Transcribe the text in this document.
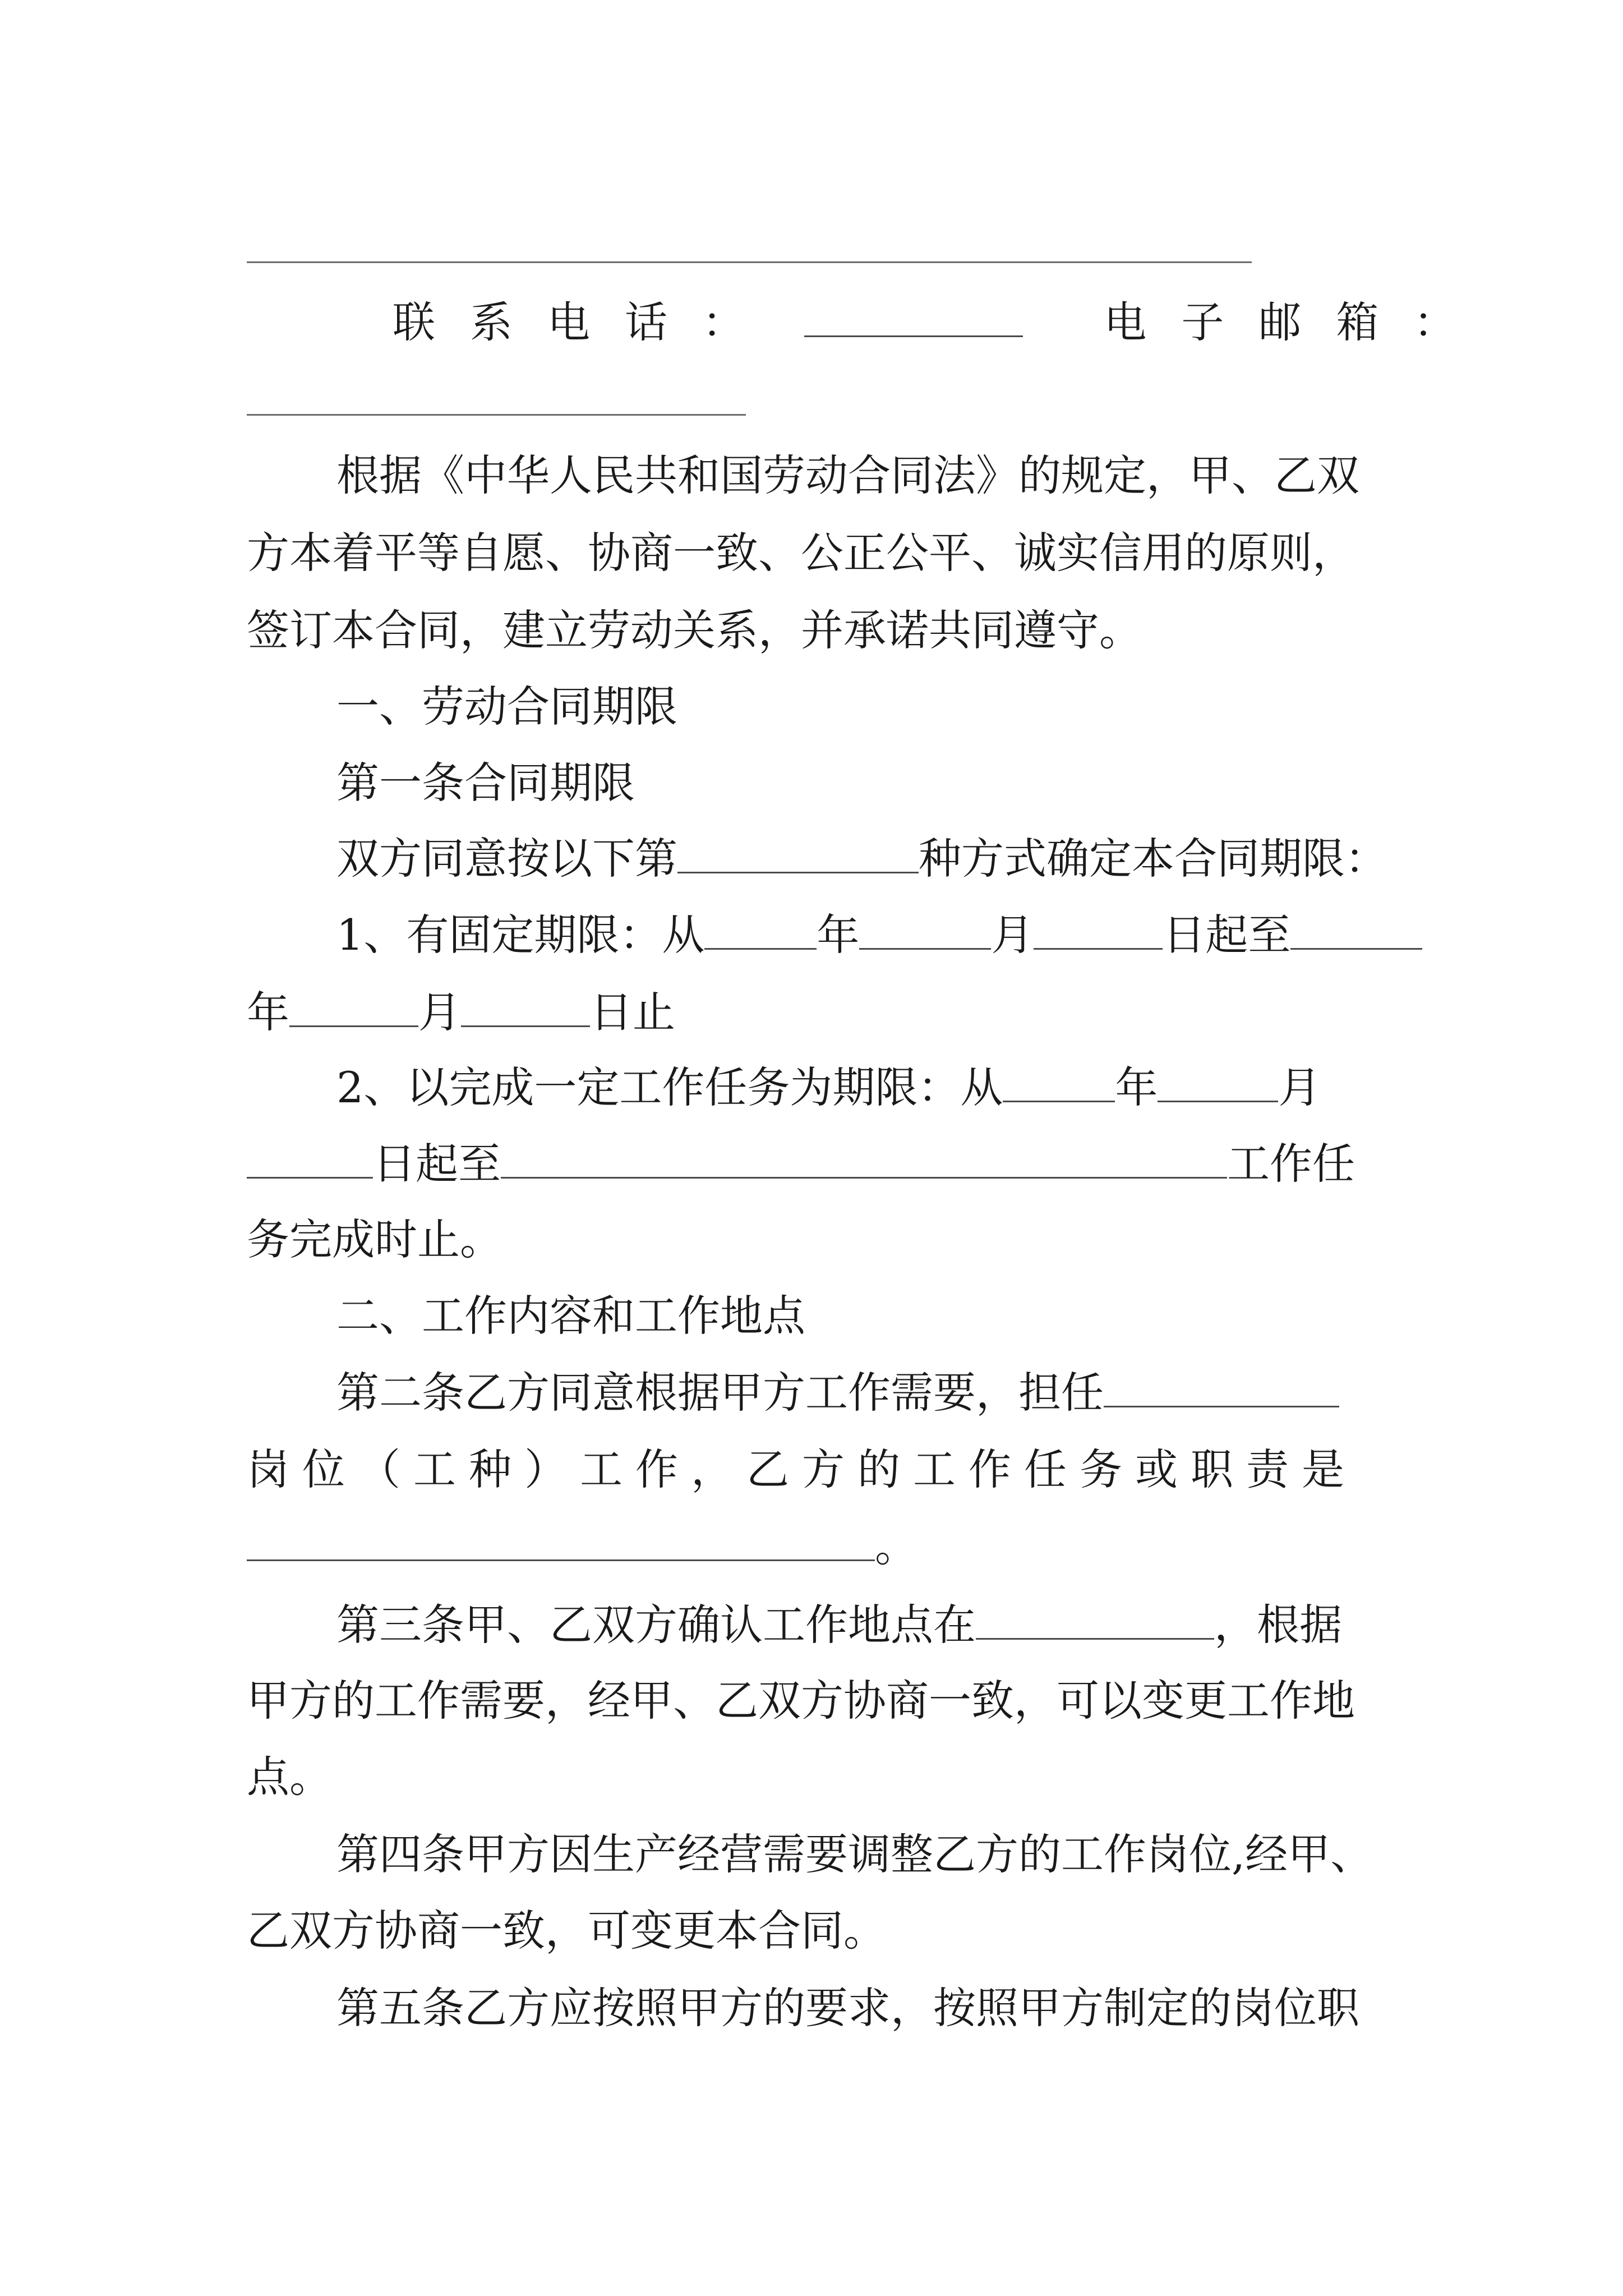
联系电话：	电子邮箱：
根据《中华人民共和国劳动合同法》的规定，甲、乙双
方本着平等自愿、协商一致、公正公平、诚实信用的原则，
签订本合同，建立劳动关系，并承诺共同遵守。
一、劳动合同期限
第一条合同期限
双方同意按以下第	种方式确定本合同期限：
1、有固定期限：从	年	月	日起至
年	月	日止
2、以完成一定工作任务为期限：从	年	月
日起至	工作任
务完成时止。
二、工作内容和工作地点
第二条乙方同意根据甲方工作需要，担任
岗位（工种）工作，乙方的工作任务或职责是
。
第三条甲、乙双方确认工作地点在	，根据
甲方的工作需要，经甲、乙双方协商一致，可以变更工作地
点。
第四条甲方因生产经营需要调整乙方的工作岗位,经甲、
乙双方协商一致，可变更本合同。
第五条乙方应按照甲方的要求，按照甲方制定的岗位职
